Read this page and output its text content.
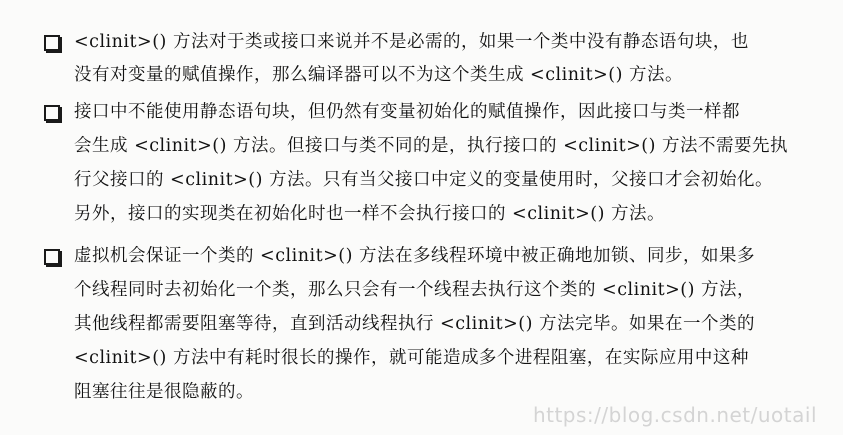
<clinit>() 方法对于类或接口来说并不是必需的，如果一个类中没有静态语句块，也
没有对变量的赋值操作，那么编译器可以不为这个类生成 <clinit>() 方法。
接口中不能使用静态语句块，但仍然有变量初始化的赋值操作，因此接口与类一样都
会生成 <clinit>() 方法。但接口与类不同的是，执行接口的 <clinit>() 方法不需要先执
行父接口的 <clinit>() 方法。只有当父接口中定义的变量使用时，父接口才会初始化。
另外，接口的实现类在初始化时也一样不会执行接口的 <clinit>() 方法。
虚拟机会保证一个类的 <clinit>() 方法在多线程环境中被正确地加锁、同步，如果多
个线程同时去初始化一个类，那么只会有一个线程去执行这个类的 <clinit>() 方法，
其他线程都需要阻塞等待，直到活动线程执行 <clinit>() 方法完毕。如果在一个类的
<clinit>() 方法中有耗时很长的操作，就可能造成多个进程阻塞，在实际应用中这种
阻塞往往是很隐蔽的。
https://blog.csdn.net/uotail
